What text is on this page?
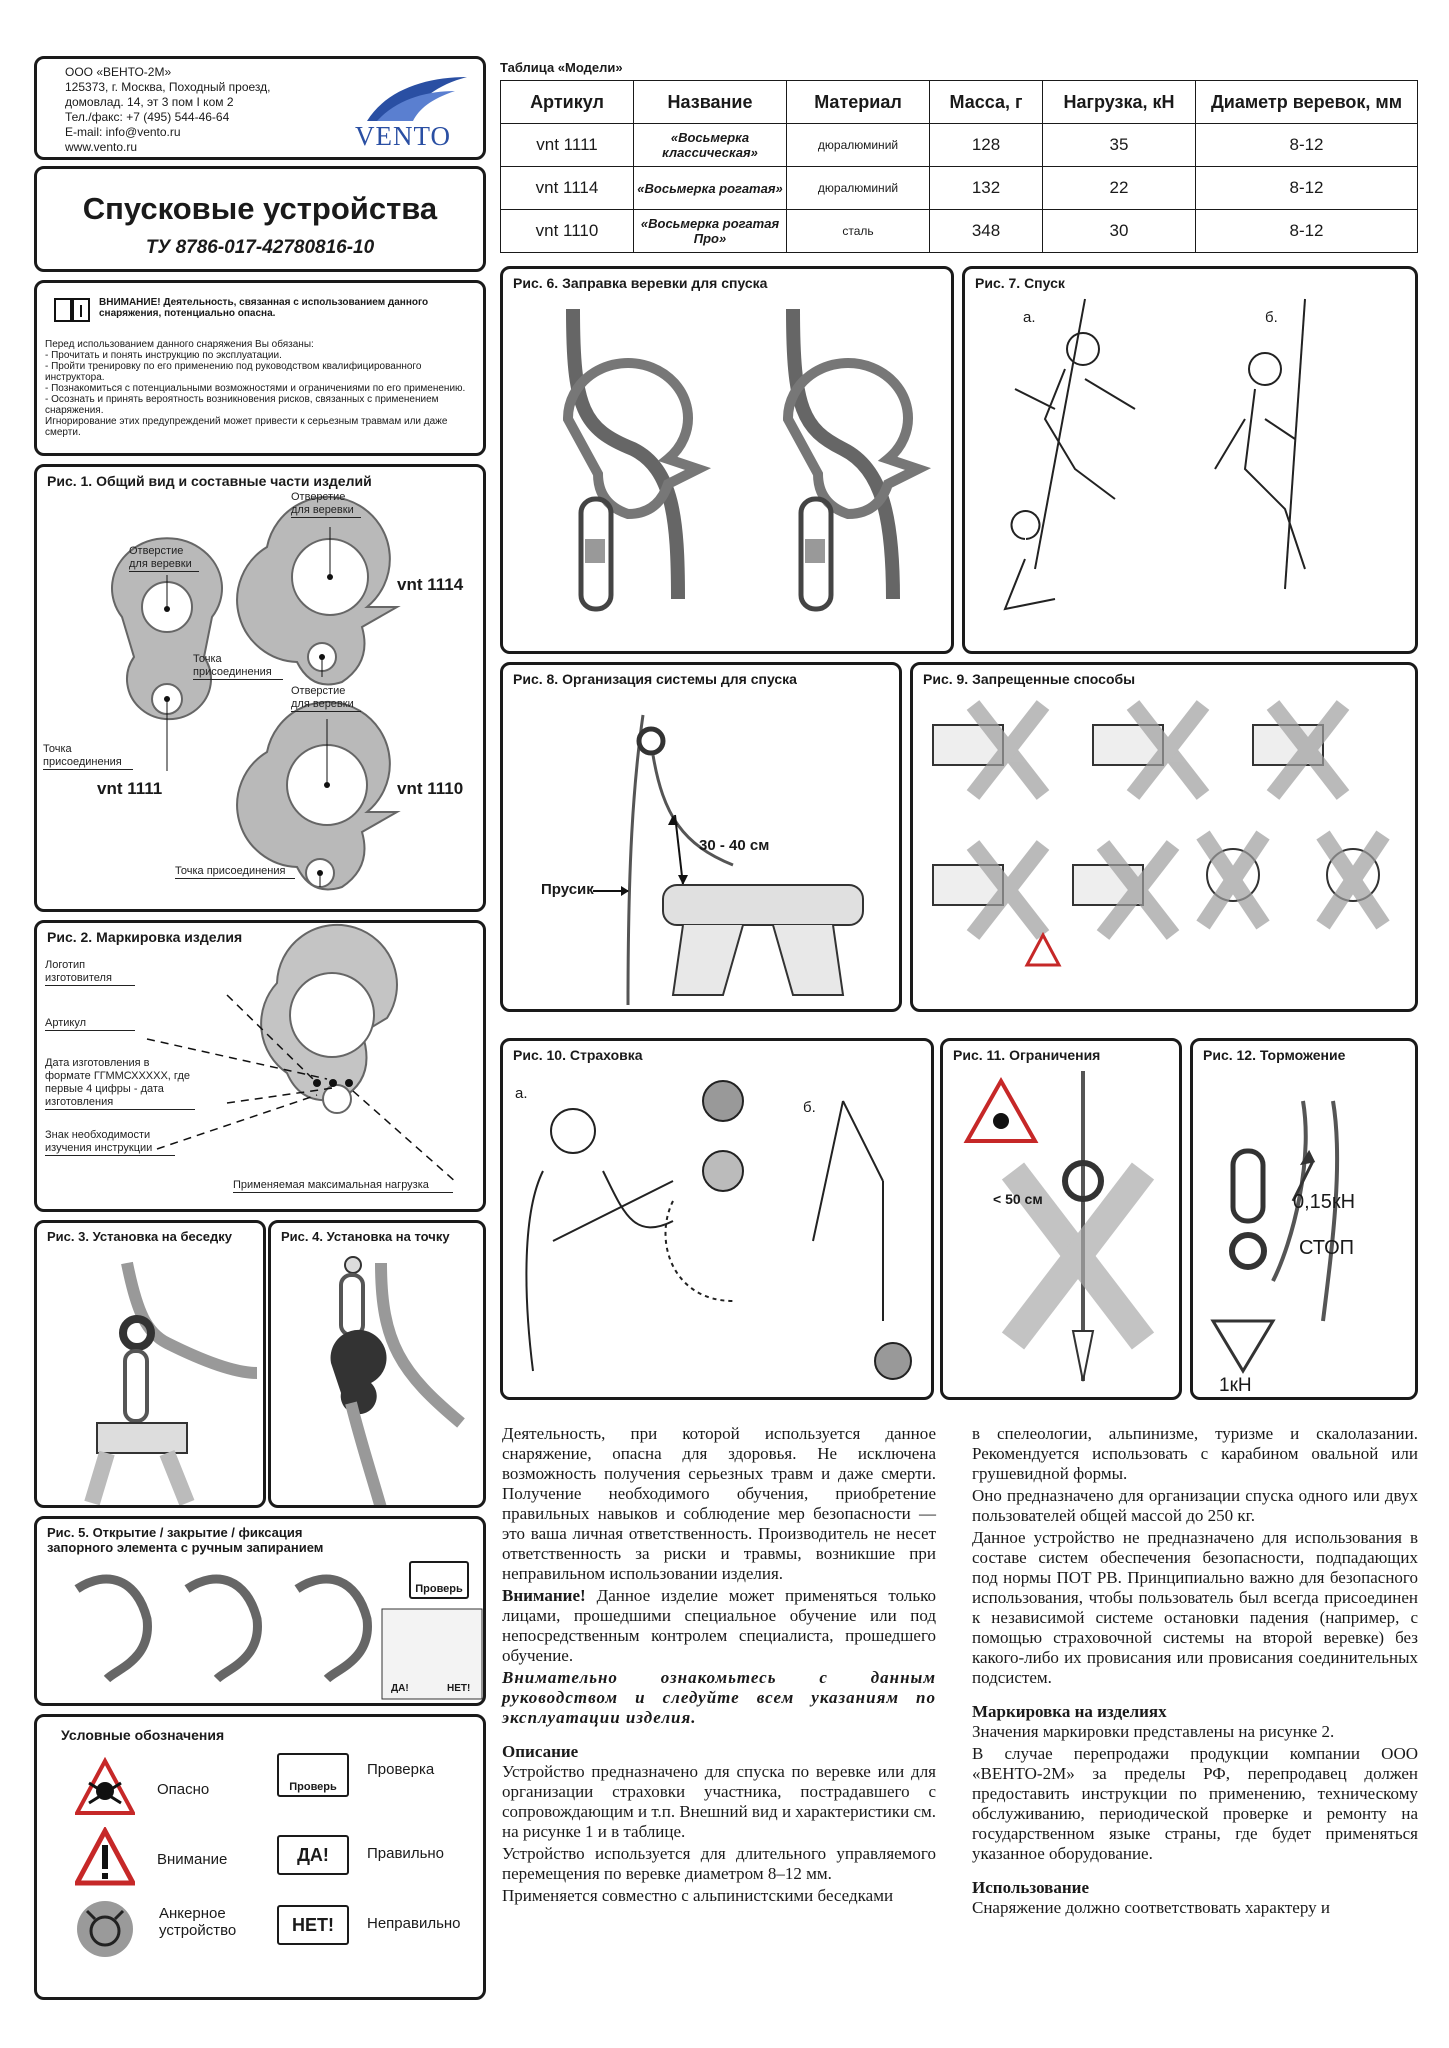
ООО «ВЕНТО-2М»
125373, г. Москва, Походный проезд,
домовлад. 14, эт 3 пом I ком 2
Тел./факс: +7 (495) 544-46-64
E-mail: info@vento.ru
www.vento.ru	VENTO
Спусковые устройства
ТУ 8786-017-42780816-10
ВНИМАНИЕ! Деятельность, связанная с использованием данного снаряжения, потенциально опасна.
Перед использованием данного снаряжения Вы обязаны:
- Прочитать и понять инструкцию по эксплуатации.
- Пройти тренировку по его применению под руководством квалифицированного инструктора.
- Познакомиться с потенциальными возможностями и ограничениями по его применению.
- Осознать и принять вероятность возникновения рисков, связанных с применением снаряжения.
Игнорирование этих предупреждений может привести к серьезным травмам или даже смерти.
Рис. 1. Общий вид и составные части изделий
Отверстие для веревки
Точка присоединения
Отверстие для веревки
Точка присоединения
Отверстие для веревки
Точка присоединения
vnt 1111
vnt 1114
vnt 1110
Рис. 2. Маркировка изделия
Логотип изготовителя
Артикул
Дата изготовления в формате ГГММСХХХХХ, где первые 4 цифры - дата изготовления
Знак необходимости изучения инструкции
Применяемая максимальная нагрузка
Рис. 3. Установка на беседку	Рис. 4. Установка на точку
Рис. 5. Открытие / закрытие / фиксация запорного элемента с ручным запиранием
Проверь
ДА!	НЕТ!
Условные обозначения
Опасно
Внимание
Анкерное устройство
Проверь
Проверка
ДА!	Правильно
НЕТ!	Неправильно
Таблица «Модели»
Артикул	Название	Материал	Масса, г	Нагрузка, кН	Диаметр веревок, мм
vnt 1111	«Восьмерка классическая»	дюралюминий	128	35	8-12
vnt 1114	«Восьмерка рогатая»	дюралюминий	132	22	8-12
vnt 1110	«Восьмерка рогатая Про»	сталь	348	30	8-12
Рис. 6. Заправка веревки для спуска	Рис. 7. Спуск
а.	б.
Рис. 8. Организация системы для спуска
30 - 40 см
Прусик
Рис. 9. Запрещенные способы
Рис. 10. Страховка
а.
б.
Рис. 11. Ограничения
< 50 см
Рис. 12. Торможение
0,15кН
СТОП
1кН

Деятельность, при которой используется данное снаряжение, опасна для здоровья. Не исключена возможность получения серьезных травм и даже смерти. Получение необходимого обучения, приобретение правильных навыков и соблюдение мер безопасности — это ваша личная ответственность. Производитель не несет ответственность за риски и травмы, возникшие при неправильном использовании изделия.

Внимание! Данное изделие может применяться только лицами, прошедшими специальное обучение или под непосредственным контролем специалиста, прошедшего обучение.

Внимательно ознакомьтесь с данным руководством и следуйте всем указаниям по эксплуатации изделия.

Описание

Устройство предназначено для спуска по веревке или для организации страховки участника, пострадавшего с сопровождающим и т.п. Внешний вид и характеристики см. на рисунке 1 и в таблице.

Устройство используется для длительного управляемого перемещения по веревке диаметром 8–12 мм.

Применяется совместно с альпинистскими беседками

в спелеологии, альпинизме, туризме и скалолазании. Рекомендуется использовать с карабином овальной или грушевидной формы.

Оно предназначено для организации спуска одного или двух пользователей общей массой до 250 кг.

Данное устройство не предназначено для использования в составе систем обеспечения безопасности, подпадающих под нормы ПОТ РВ. Принципиально важно для безопасного использования, чтобы пользователь был всегда присоединен к независимой системе остановки падения (например, с помощью страховочной системы на второй веревке) без какого-либо их провисания или провисания соединительных подсистем.

Маркировка на изделиях

Значения маркировки представлены на рисунке 2.

В случае перепродажи продукции компании ООО «ВЕНТО-2М» за пределы РФ, перепродавец должен предоставить инструкции по применению, техническому обслуживанию, периодической проверке и ремонту на государственном языке страны, где будет применяться указанное оборудование.

Использование

Снаряжение должно соответствовать характеру и
